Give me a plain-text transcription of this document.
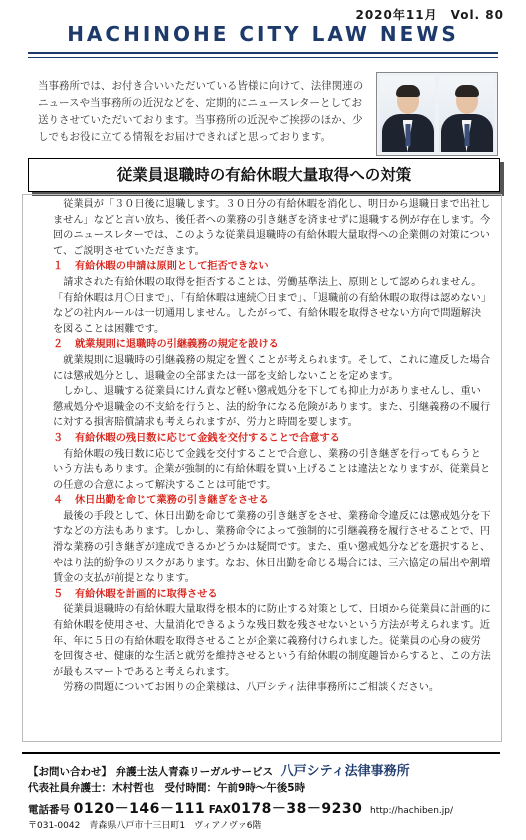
2020年11月　Vol. 80
HACHINOHE CITY LAW NEWS
当事務所では、お付き合いいただいている皆様に向けて、法律関連のニュースや当事務所の近況などを、定期的にニュースレターとしてお送りさせていただいております。当事務所の近況やご挨拶のほか、少しでもお役に立てる情報をお届けできればと思っております。
従業員退職時の有給休暇大量取得への対策

従業員が「３０日後に退職します。３０日分の有給休暇を消化し、明日から退職日まで出社しません」などと言い放ち、後任者への業務の引き継ぎを済ませずに退職する例が存在します。今回のニュースレターでは、このような従業員退職時の有給休暇大量取得への企業側の対策について、ご説明させていただきます。

１ 有給休暇の申請は原則として拒否できない

請求された有給休暇の取得を拒否することは、労働基準法上、原則として認められません。「有給休暇は月〇日まで」、「有給休暇は連続〇日まで」、「退職前の有給休暇の取得は認めない」などの社内ルールは一切通用しません。したがって、有給休暇を取得させない方向で問題解決を図ることは困難です。

２ 就業規則に退職時の引継義務の規定を設ける

就業規則に退職時の引継義務の規定を置くことが考えられます。そして、これに違反した場合には懲戒処分とし、退職金の全部または一部を支給しないことを定めます。

しかし、退職する従業員にけん責など軽い懲戒処分を下しても抑止力がありませんし、重い懲戒処分や退職金の不支給を行うと、法的紛争になる危険があります。また、引継義務の不履行に対する損害賠償請求も考えられますが、労力と時間を要します。

３ 有給休暇の残日数に応じて金銭を交付することで合意する

有給休暇の残日数に応じて金銭を交付することで合意し、業務の引き継ぎを行ってもらうという方法もあります。企業が強制的に有給休暇を買い上げることは違法となりますが、従業員との任意の合意によって解決することは可能です。

４ 休日出勤を命じて業務の引き継ぎをさせる

最後の手段として、休日出勤を命じて業務の引き継ぎをさせ、業務命令違反には懲戒処分を下すなどの方法もあります。しかし、業務命令によって強制的に引継義務を履行させることで、円滑な業務の引き継ぎが達成できるかどうかは疑問です。また、重い懲戒処分などを選択すると、やはり法的紛争のリスクがあります。なお、休日出勤を命じる場合には、三六協定の届出や割増賃金の支払が前提となります。

５ 有給休暇を計画的に取得させる

従業員退職時の有給休暇大量取得を根本的に防止する対策として、日頃から従業員に計画的に有給休暇を使用させ、大量消化できるような残日数を残させないという方法が考えられます。近年、年に５日の有給休暇を取得させることが企業に義務付けられました。従業員の心身の疲労を回復させ、健康的な生活と就労を維持させるという有給休暇の制度趣旨からすると、この方法が最もスマートであると考えられます。

労務の問題についてお困りの企業様は、八戸シティ法律事務所にご相談ください。

【お問い合わせ】 弁護士法人青森リーガルサービス 八戸シティ法律事務所
代表社員弁護士：木村哲也　受付時間：午前9時～午後5時
電話番号 0120－146－111 FAX0178－38－9230 http://hachiben.jp/
〒031-0042　青森県八戸市十三日町1　ヴィアノヴァ6階
